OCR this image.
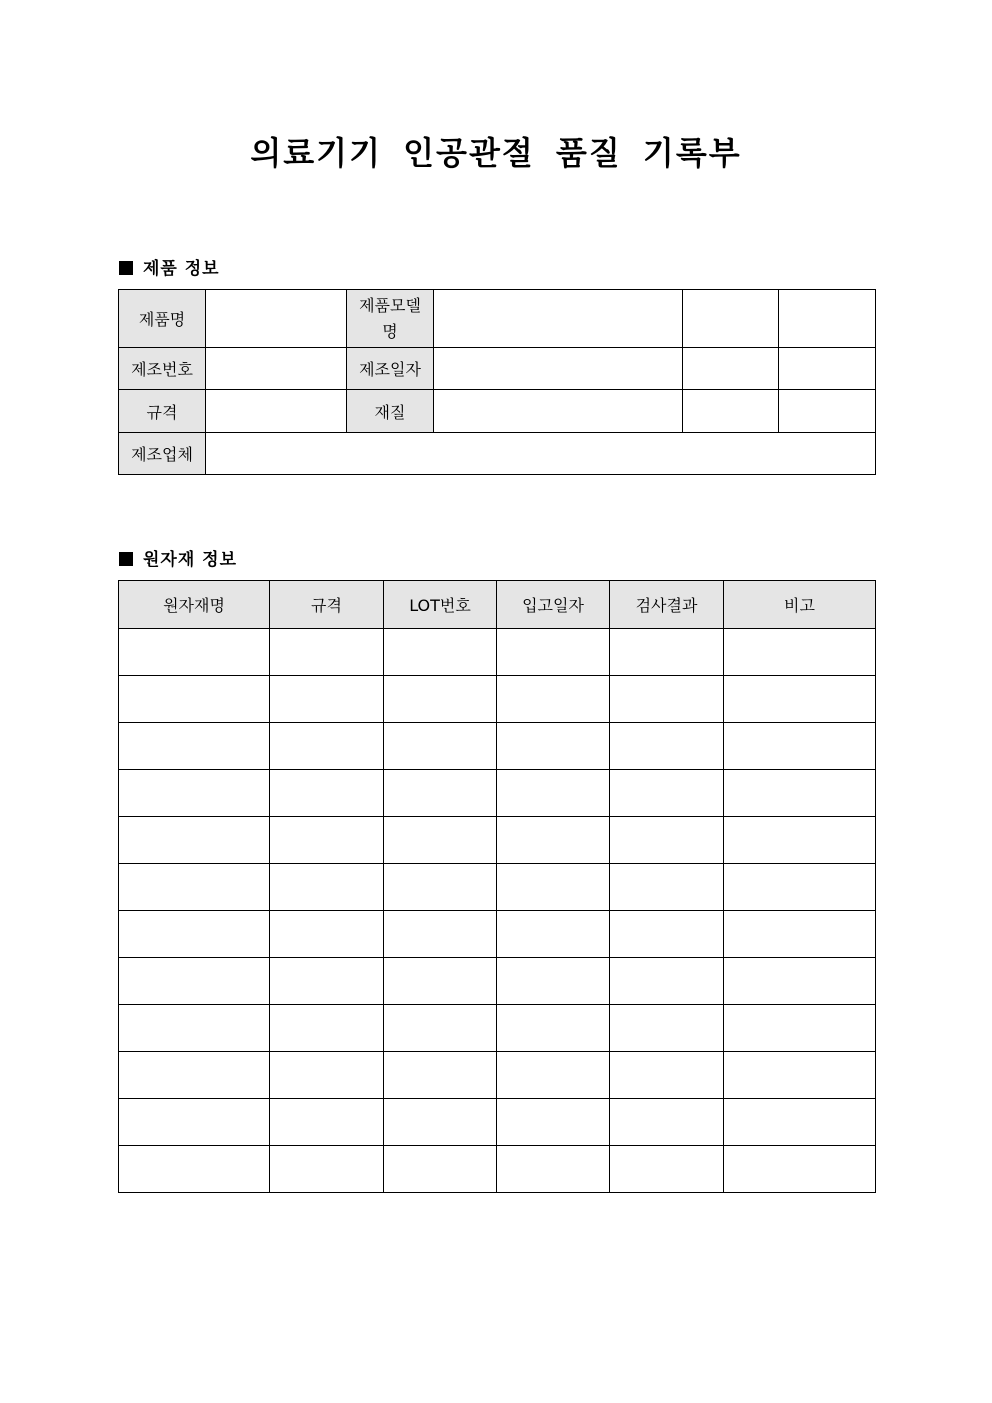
의료기기 인공관절 품질 기록부
제품 정보
제품명		제품모델
명			
제조번호		제조일자			
규격		재질			
제조업체					
원자재 정보
원자재명	규격	LOT번호	입고일자	검사결과	비고
